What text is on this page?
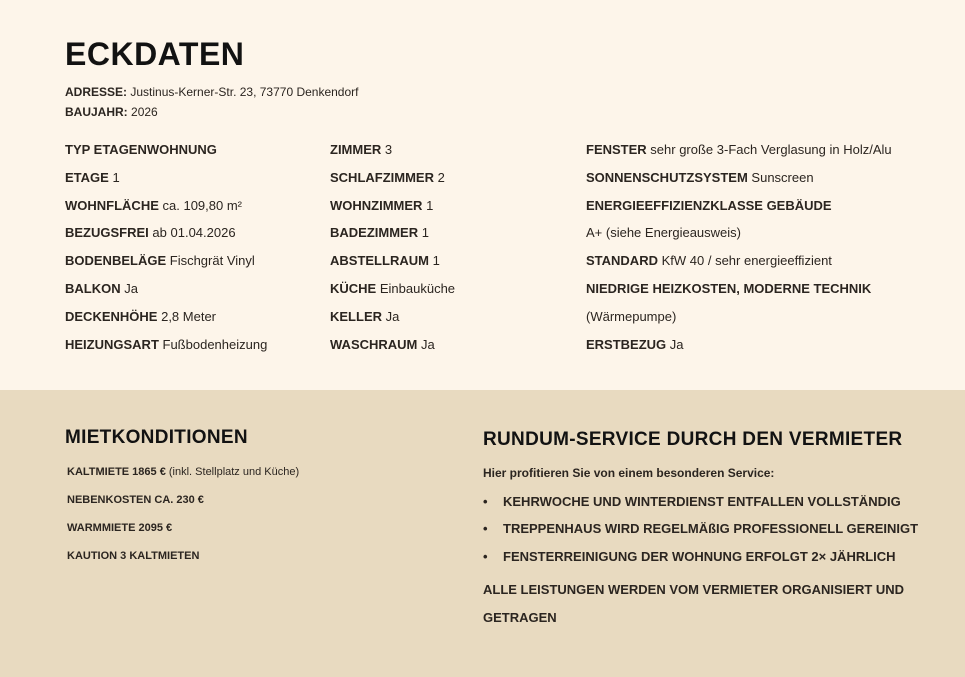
ECKDATEN
ADRESSE: Justinus-Kerner-Str. 23, 73770 Denkendorf
BAUJAHR: 2026
TYP ETAGENWOHNUNG
ETAGE 1
WOHNFLÄCHE ca. 109,80 m²
BEZUGSFREI ab 01.04.2026
BODENBELÄGE Fischgrät Vinyl
BALKON Ja
DECKENHÖHE 2,8 Meter
HEIZUNGSART Fußbodenheizung
ZIMMER 3
SCHLAFZIMMER 2
WOHNZIMMER 1
BADEZIMMER 1
ABSTELLRAUM 1
KÜCHE Einbauküche
KELLER Ja
WASCHRAUM Ja
FENSTER sehr große 3-Fach Verglasung in Holz/Alu
SONNENSCHUTZSYSTEM Sunscreen
ENERGIEEFFIZIENZKLASSE GEBÄUDE
A+ (siehe Energieausweis)
STANDARD KfW 40 / sehr energieeffizient
NIEDRIGE HEIZKOSTEN, MODERNE TECHNIK
(Wärmepumpe)
ERSTBEZUG Ja
MIETKONDITIONEN
KALTMIETE 1865 € (inkl. Stellplatz und Küche)
NEBENKOSTEN CA. 230 €
WARMMIETE 2095 €
KAUTION 3 KALTMIETEN
RUNDUM-SERVICE DURCH DEN VERMIETER
Hier profitieren Sie von einem besonderen Service:
• KEHRWOCHE UND WINTERDIENST ENTFALLEN VOLLSTÄNDIG
• TREPPENHAUS WIRD REGELMÄßIG PROFESSIONELL GEREINIGT
• FENSTERREINIGUNG DER WOHNUNG ERFOLGT 2× JÄHRLICH
ALLE LEISTUNGEN WERDEN VOM VERMIETER ORGANISIERT UND GETRAGEN
